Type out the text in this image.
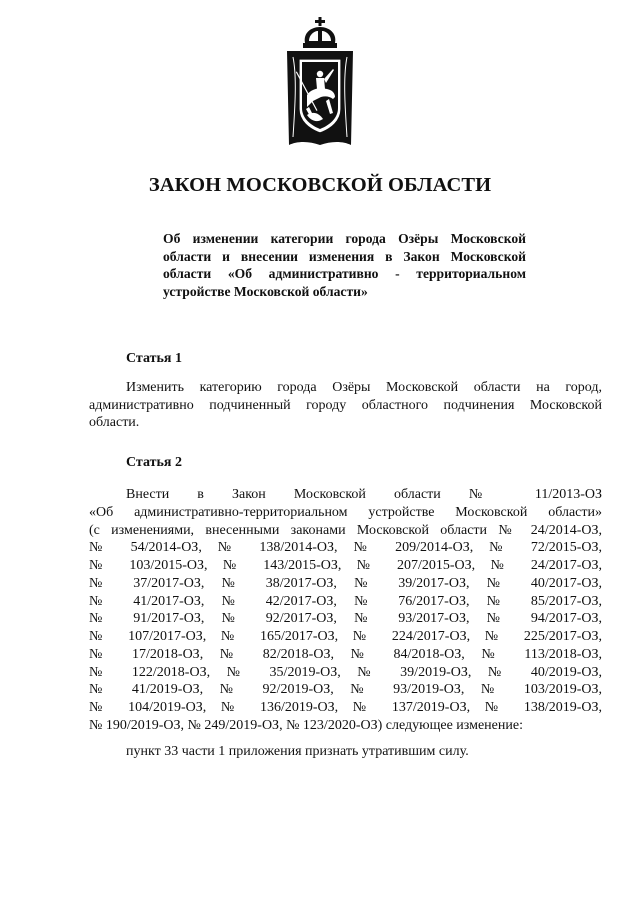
ЗАКОН МОСКОВСКОЙ ОБЛАСТИ
Об изменении категории города Озёры Московской
области и внесении изменения в Закон Московской
области «Об административно - территориальном
устройстве Московской области»
Статья 1
Изменить категорию города Озёры Московской области на город,
административно подчиненный городу областного подчинения Московской
области.
Статья 2
Внести в Закон Московской области № 11/2013-ОЗ
«Об административно-территориальном устройстве Московской области»
(с изменениями, внесенными законами Московской области № 24/2014-ОЗ,
№ 54/2014-ОЗ, № 138/2014-ОЗ, № 209/2014-ОЗ, № 72/2015-ОЗ,
№ 103/2015-ОЗ, № 143/2015-ОЗ, № 207/2015-ОЗ, № 24/2017-ОЗ,
№ 37/2017-ОЗ, № 38/2017-ОЗ, № 39/2017-ОЗ, № 40/2017-ОЗ,
№ 41/2017-ОЗ, № 42/2017-ОЗ, № 76/2017-ОЗ, № 85/2017-ОЗ,
№ 91/2017-ОЗ, № 92/2017-ОЗ, № 93/2017-ОЗ, № 94/2017-ОЗ,
№ 107/2017-ОЗ, № 165/2017-ОЗ, № 224/2017-ОЗ, № 225/2017-ОЗ,
№ 17/2018-ОЗ, № 82/2018-ОЗ, № 84/2018-ОЗ, № 113/2018-ОЗ,
№ 122/2018-ОЗ, № 35/2019-ОЗ, № 39/2019-ОЗ, № 40/2019-ОЗ,
№ 41/2019-ОЗ, № 92/2019-ОЗ, № 93/2019-ОЗ, № 103/2019-ОЗ,
№ 104/2019-ОЗ, № 136/2019-ОЗ, № 137/2019-ОЗ, № 138/2019-ОЗ,
№ 190/2019-ОЗ, № 249/2019-ОЗ, № 123/2020-ОЗ) следующее изменение:
пункт 33 части 1 приложения признать утратившим силу.
